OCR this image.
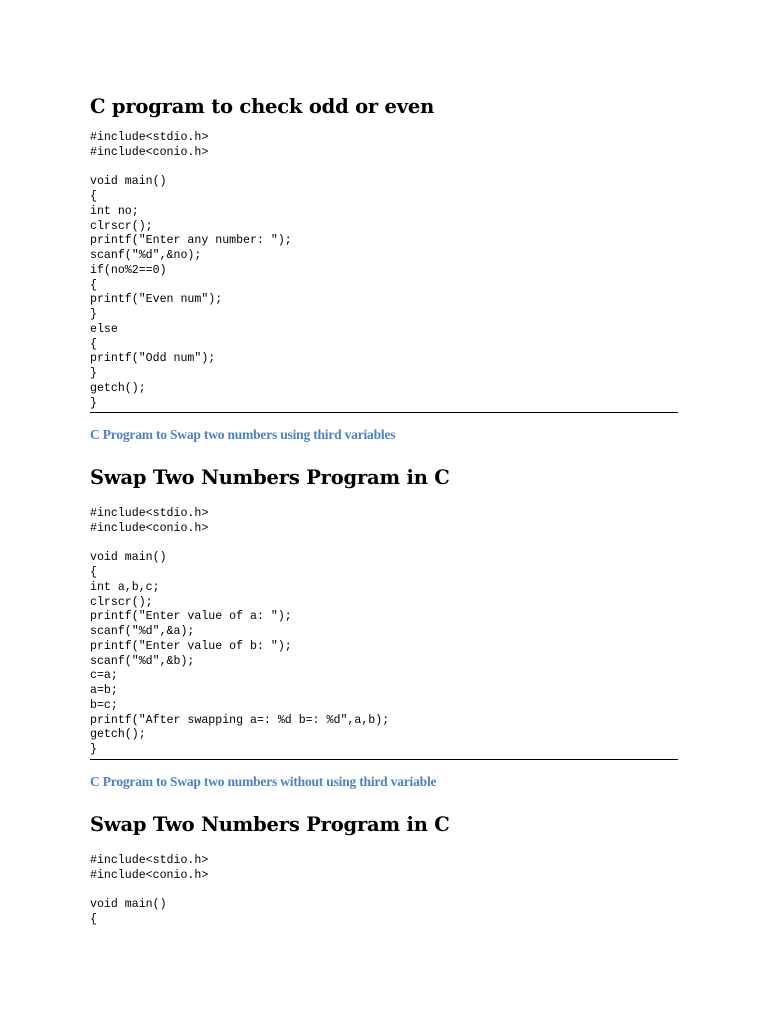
C program to check odd or even
#include<stdio.h>
#include<conio.h>

void main()
{
int no;
clrscr();
printf("Enter any number: ");
scanf("%d",&no);
if(no%2==0)
{
printf("Even num");
}
else
{
printf("Odd num");
}
getch();
}

C Program to Swap two numbers using third variables

Swap Two Numbers Program in C
#include<stdio.h>
#include<conio.h>

void main()
{
int a,b,c;
clrscr();
printf("Enter value of a: ");
scanf("%d",&a);
printf("Enter value of b: ");
scanf("%d",&b);
c=a;
a=b;
b=c;
printf("After swapping a=: %d b=: %d",a,b);
getch();
}

C Program to Swap two numbers without using third variable

Swap Two Numbers Program in C
#include<stdio.h>
#include<conio.h>

void main()
{
